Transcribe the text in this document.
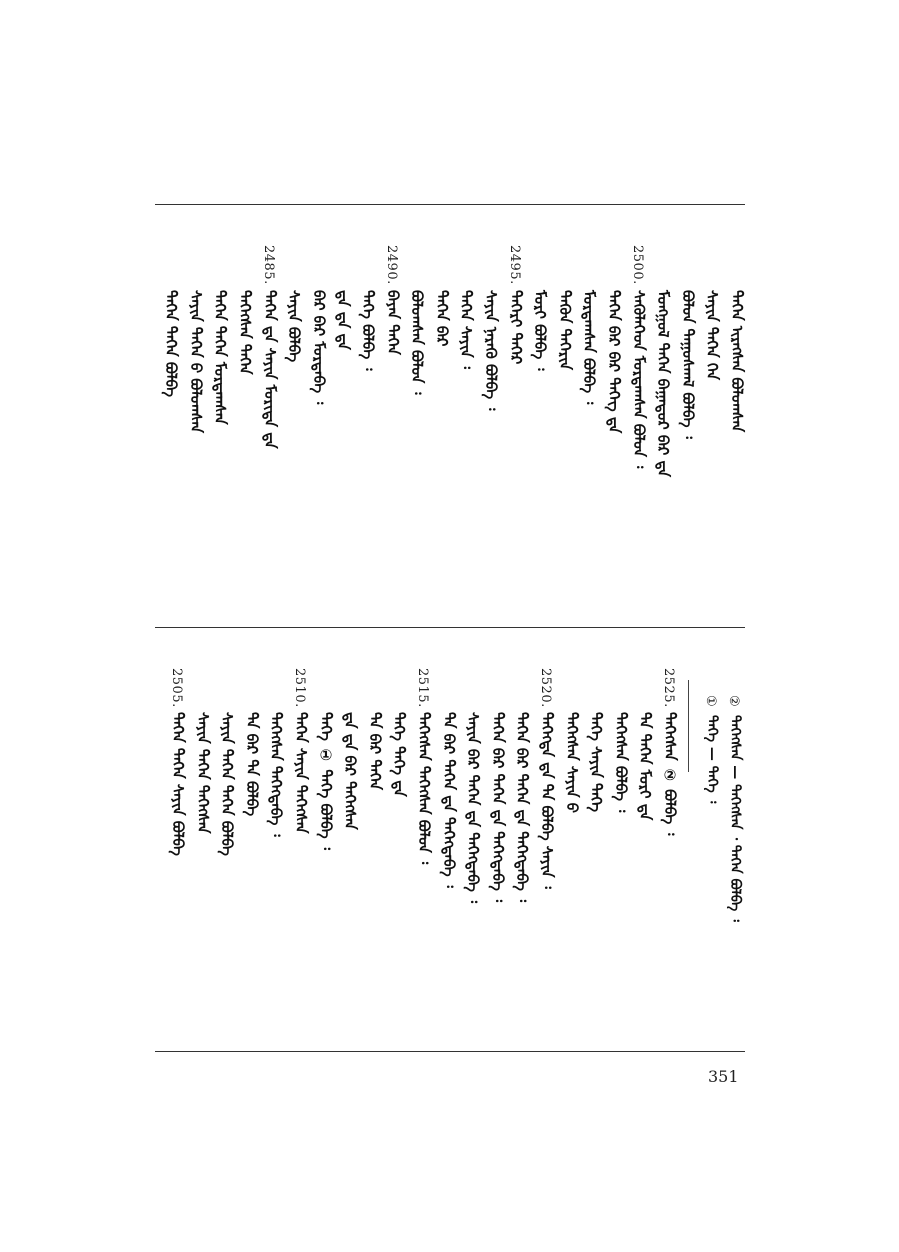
ᠲᠡᠭᠡᠨ ᠢᠷᠡᠭᠰᠡᠨ ᠪᠣᠯᠤᠭᠰᠠᠨ
ᠰᠠᠶᠢᠨ ᠲᠡᠭᠡᠨ ᠬᠡᠨ
ᠪᠣᠯᠤᠨ ᠳᠠᠭᠤᠰᠬᠠᠯ ᠪᠣᠯᠪᠠ ᠄
ᠮᠣᠩᠭᠣᠯ ᠲᠡᠭᠡᠨ ᠪᠠᠭᠠᠲᠤᠷ ᠪᠠᠷ ᠳᠠ
2500.
ᠰᠡᠭᠦᠯᠡᠭᠡᠳ ᠮᠣᠷᠳᠠᠭᠰᠠᠨ ᠪᠣᠯᠤᠨ ᠄
ᠲᠡᠭᠡᠨ ᠪᠡᠷ ᠪᠠᠷ ᠲᠡᠭᠡᠭ ᠳᠠ
ᠮᠣᠷᠳᠠᠭᠰᠠᠨ ᠪᠣᠯᠪᠠ ᠄
ᠲᠡᠭᠦᠨ ᠲᠡᠭᠡᠷᠢᠨ
ᠮᠣᠷᠢ ᠪᠣᠯᠪᠠ ᠄
2495.
ᠲᠡᠭᠡᠷᠢ ᠲᠡᠭᠡᠷ
ᠰᠠᠶᠢᠨ ᠨᠡᠷᠡᠬᠦ ᠪᠣᠯᠪᠠ ᠄
ᠲᠡᠭᠡᠨ ᠰᠠᠶᠢᠨ ᠄
ᠲᠡᠭᠡᠨ ᠪᠡᠷ
ᠪᠣᠯᠤᠭᠰᠠᠨ ᠪᠣᠯᠤᠨ ᠄
2490.
ᠪᠠᠶᠠᠨ ᠲᠡᠭᠡᠨ
ᠲᠡᠭᠡ ᠪᠣᠯᠪᠠ ᠄
ᠳᠠ ᠳᠠ ᠳᠠ
ᠪᠠᠷ ᠪᠠᠷ ᠮᠣᠷᠳᠠᠪᠠ ᠄
ᠰᠠᠶᠢᠨ ᠪᠣᠯᠪᠠ
2485.
ᠲᠡᠭᠡᠨ ᠳᠠ ᠰᠠᠶᠢᠨ ᠮᠣᠷᠢᠳᠠ ᠳᠠ
ᠲᠡᠭᠡᠭᠰᠡᠨ ᠲᠡᠭᠡᠨ
ᠲᠡᠭᠡᠨ ᠲᠡᠭᠡᠨ ᠮᠣᠷᠳᠠᠭᠰᠠᠨ
ᠰᠠᠶᠢᠨ ᠲᠡᠭᠡᠨ ᠪ ᠪᠣᠯᠤᠭᠰᠠᠨ
ᠲᠡᠭᠡᠨ ᠲᠡᠭᠡᠨ ᠪᠣᠯᠪᠠ
②
ᠲᠡᠭᠡᠭᠰᠡᠨ — ᠲᠡᠭᠡᠭᠰᠡᠨ ᠂ ᠲᠡᠭᠡᠨ ᠪᠣᠯᠪᠠ ᠄
①
ᠲᠡᠭᠡ — ᠲᠡᠭᠡ ᠄
2525.
ᠲᠡᠭᠡᠭᠰᠡᠨ ② ᠪᠣᠯᠪᠠ ᠄
ᠲᠡ ᠲᠡᠭᠡᠨ ᠮᠣᠷᠢ ᠳᠠ
ᠲᠡᠭᠡᠭᠰᠡᠨ ᠪᠣᠯᠪᠠ ᠄
ᠲᠡᠭᠡ ᠰᠠᠶᠢᠨ ᠲᠡᠭᠡ
ᠲᠡᠭᠡᠭᠰᠡᠨ ᠰᠠᠶᠢᠨ ᠪ
2520.
ᠲᠡᠭᠡᠭᠳᠡ ᠳᠠ ᠲᠡ ᠪᠣᠯᠪᠠ ᠰᠠᠶᠢᠨ ᠄
ᠲᠡᠭᠡᠨ ᠪᠠᠷ ᠲᠡᠭᠡᠨ ᠳᠠ ᠲᠡᠭᠡᠭᠳᠡᠪᠡ ᠄
ᠲᠡᠭᠡᠨ ᠪᠠᠷ ᠲᠡᠭᠡᠨ ᠳᠠ ᠲᠡᠭᠡᠭᠳᠡᠪᠡ ᠄
ᠰᠠᠶᠢᠨ ᠪᠠᠷ ᠲᠡᠭᠡᠨ ᠳᠠ ᠲᠡᠭᠡᠭᠳᠡᠪᠡ ᠄
ᠲᠡ ᠪᠠᠷ ᠲᠡᠭᠡᠨ ᠳᠠ ᠲᠡᠭᠡᠭᠳᠡᠪᠡ ᠄
2515.
ᠲᠡᠭᠡᠭᠰᠡᠨ ᠲᠡᠭᠡᠭᠰᠡᠨ ᠪᠣᠯᠤᠨ ᠄
ᠲᠡᠭᠡ ᠲᠡᠭᠡ ᠳᠠ
ᠲᠡ ᠪᠠᠷ ᠲᠡᠭᠡᠨ
ᠳᠠ ᠳᠠ ᠪᠠᠷ ᠲᠡᠭᠡᠭᠰᠡᠨ
ᠲᠡᠭᠡ ① ᠲᠡᠭᠡ ᠪᠣᠯᠪᠠ ᠄
2510.
ᠲᠡᠭᠡᠨ ᠰᠠᠶᠢᠨ ᠲᠡᠭᠡᠭᠰᠡᠨ
ᠲᠡᠭᠡᠭᠰᠡᠨ ᠲᠡᠭᠡᠭᠳᠡᠪᠡ ᠄
ᠲᠡ ᠪᠠᠷ ᠲᠡ ᠪᠣᠯᠪᠠ
ᠰᠠᠶᠢᠨ ᠲᠡᠭᠡᠨ ᠲᠡᠭᠡᠨ ᠪᠣᠯᠪᠠ
ᠰᠠᠶᠢᠨ ᠲᠡᠭᠡᠨ ᠲᠡᠭᠡᠭᠰᠡᠨ
2505.
ᠲᠡᠭᠡᠨ ᠲᠡᠭᠡᠨ ᠰᠠᠶᠢᠨ ᠪᠣᠯᠪᠠ
351
